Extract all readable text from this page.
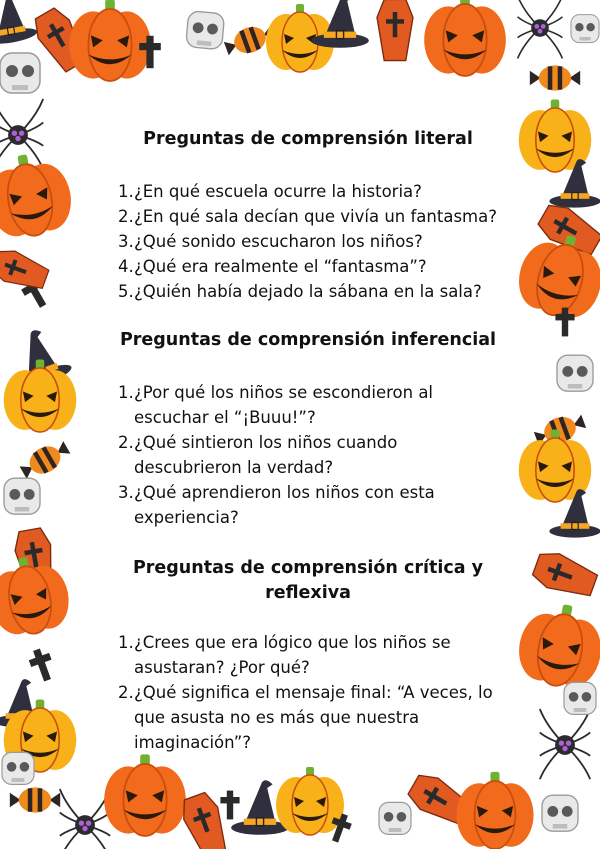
Preguntas de comprensión literal
1. ¿En qué escuela ocurre la historia?
2. ¿En qué sala decían que vivía un fantasma?
3. ¿Qué sonido escucharon los niños?
4. ¿Qué era realmente el “fantasma”?
5. ¿Quién había dejado la sábana en la sala?
Preguntas de comprensión inferencial
1. ¿Por qué los niños se escondieron al escuchar el “¡Buuu!”?
2. ¿Qué sintieron los niños cuando descubrieron la verdad?
3. ¿Qué aprendieron los niños con esta experiencia?
Preguntas de comprensión crítica y reflexiva
1. ¿Crees que era lógico que los niños se asustaran? ¿Por qué?
2. ¿Qué significa el mensaje final: “A veces, lo que asusta no es más que nuestra imaginación”?
